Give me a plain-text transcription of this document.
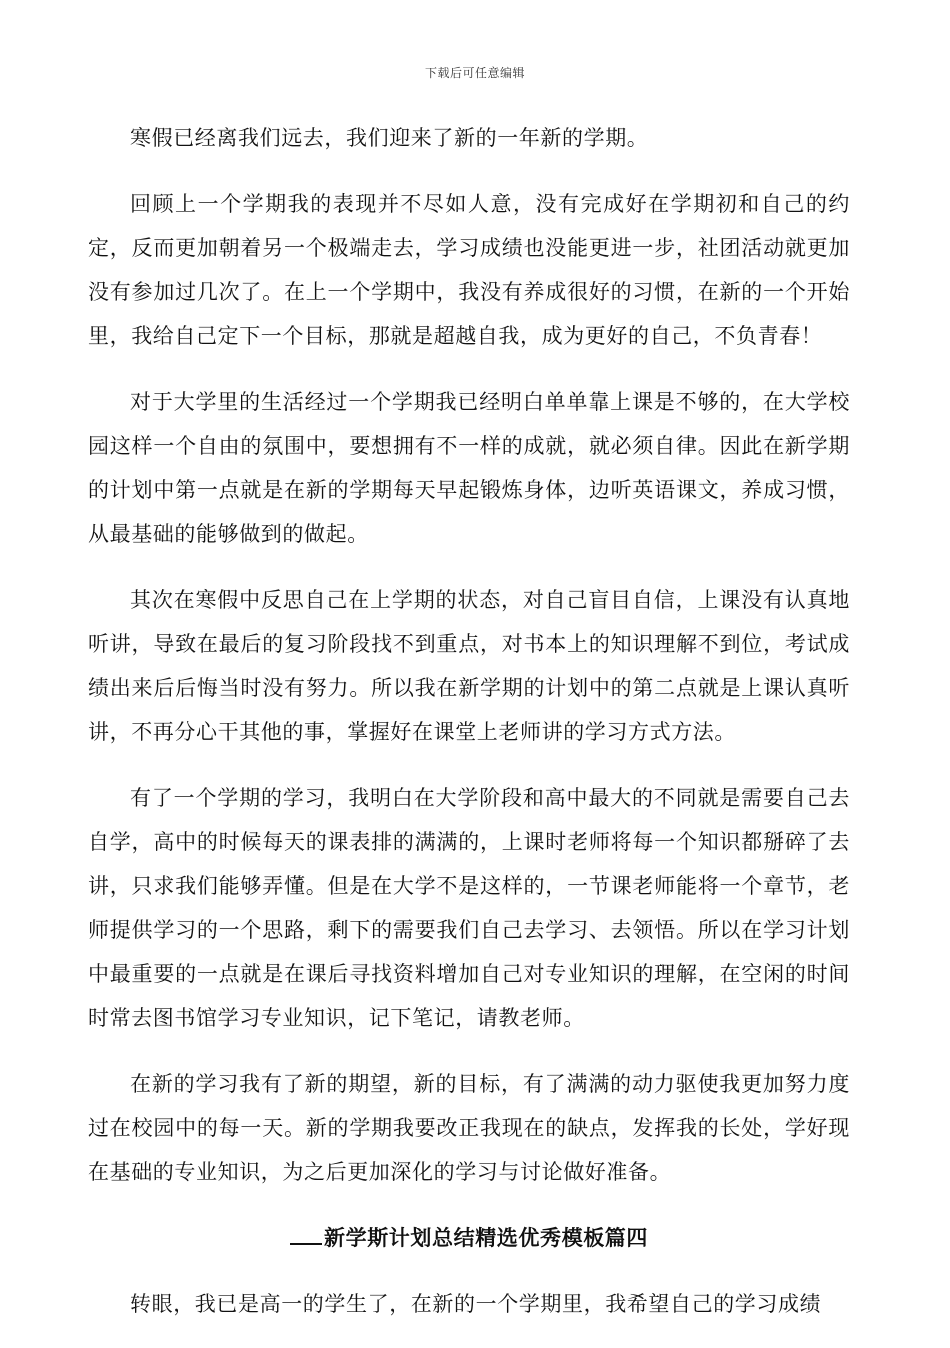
下载后可任意编辑

寒假已经离我们远去，我们迎来了新的一年新的学期。

回顾上一个学期我的表现并不尽如人意，没有完成好在学期初和自己的约定，反而更加朝着另一个极端走去，学习成绩也没能更进一步，社团活动就更加没有参加过几次了。在上一个学期中，我没有养成很好的习惯，在新的一个开始里，我给自己定下一个目标，那就是超越自我，成为更好的自己，不负青春！

对于大学里的生活经过一个学期我已经明白单单靠上课是不够的，在大学校园这样一个自由的氛围中，要想拥有不一样的成就，就必须自律。因此在新学期的计划中第一点就是在新的学期每天早起锻炼身体，边听英语课文，养成习惯，从最基础的能够做到的做起。

其次在寒假中反思自己在上学期的状态，对自己盲目自信，上课没有认真地听讲，导致在最后的复习阶段找不到重点，对书本上的知识理解不到位，考试成绩出来后后悔当时没有努力。所以我在新学期的计划中的第二点就是上课认真听讲，不再分心干其他的事，掌握好在课堂上老师讲的学习方式方法。

有了一个学期的学习，我明白在大学阶段和高中最大的不同就是需要自己去自学，高中的时候每天的课表排的满满的，上课时老师将每一个知识都掰碎了去讲，只求我们能够弄懂。但是在大学不是这样的，一节课老师能将一个章节，老师提供学习的一个思路，剩下的需要我们自己去学习、去领悟。所以在学习计划中最重要的一点就是在课后寻找资料增加自己对专业知识的理解，在空闲的时间时常去图书馆学习专业知识，记下笔记，请教老师。

在新的学习我有了新的期望，新的目标，有了满满的动力驱使我更加努力度过在校园中的每一天。新的学期我要改正我现在的缺点，发挥我的长处，学好现在基础的专业知识，为之后更加深化的学习与讨论做好准备。

新学斯计划总结精选优秀模板篇四

转眼，我已是高一的学生了，在新的一个学期里，我希望自己的学习成绩
